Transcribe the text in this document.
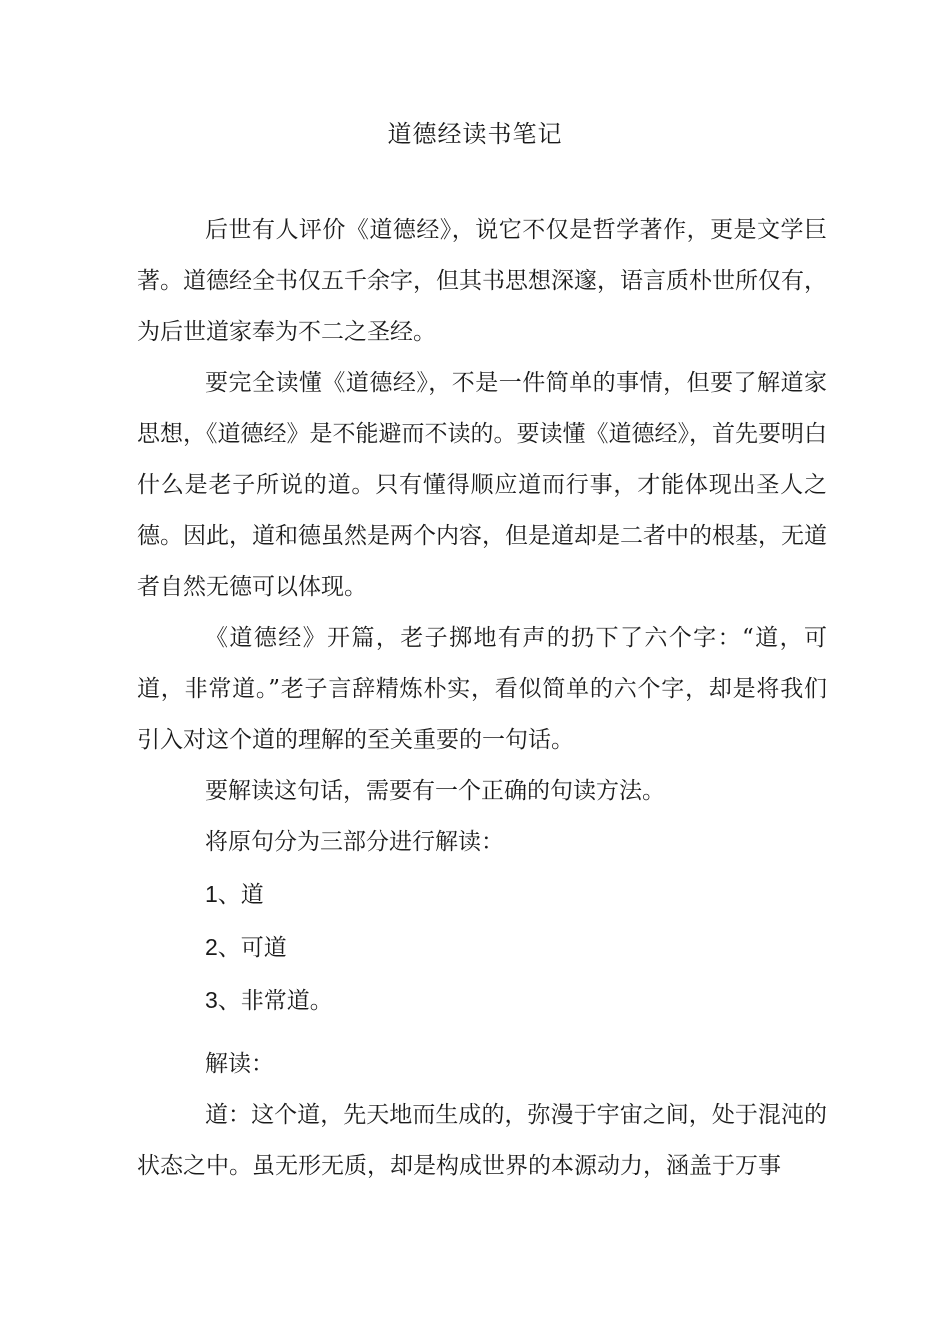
道德经读书笔记

后世有人评价《道德经》，说它不仅是哲学著作，更是文学巨著。道德经全书仅五千余字，但其书思想深邃，语言质朴世所仅有，为后世道家奉为不二之圣经。

要完全读懂《道德经》，不是一件简单的事情，但要了解道家思想，《道德经》是不能避而不读的。要读懂《道德经》，首先要明白什么是老子所说的道。只有懂得顺应道而行事，才能体现出圣人之德。因此，道和德虽然是两个内容，但是道却是二者中的根基，无道者自然无德可以体现。

《道德经》开篇，老子掷地有声的扔下了六个字：“道，可道，非常道。”老子言辞精炼朴实，看似简单的六个字，却是将我们引入对这个道的理解的至关重要的一句话。

要解读这句话，需要有一个正确的句读方法。

将原句分为三部分进行解读：

1、道
2、可道
3、非常道。

解读：

道：这个道，先天地而生成的，弥漫于宇宙之间，处于混沌的状态之中。虽无形无质，却是构成世界的本源动力，涵盖于万事
